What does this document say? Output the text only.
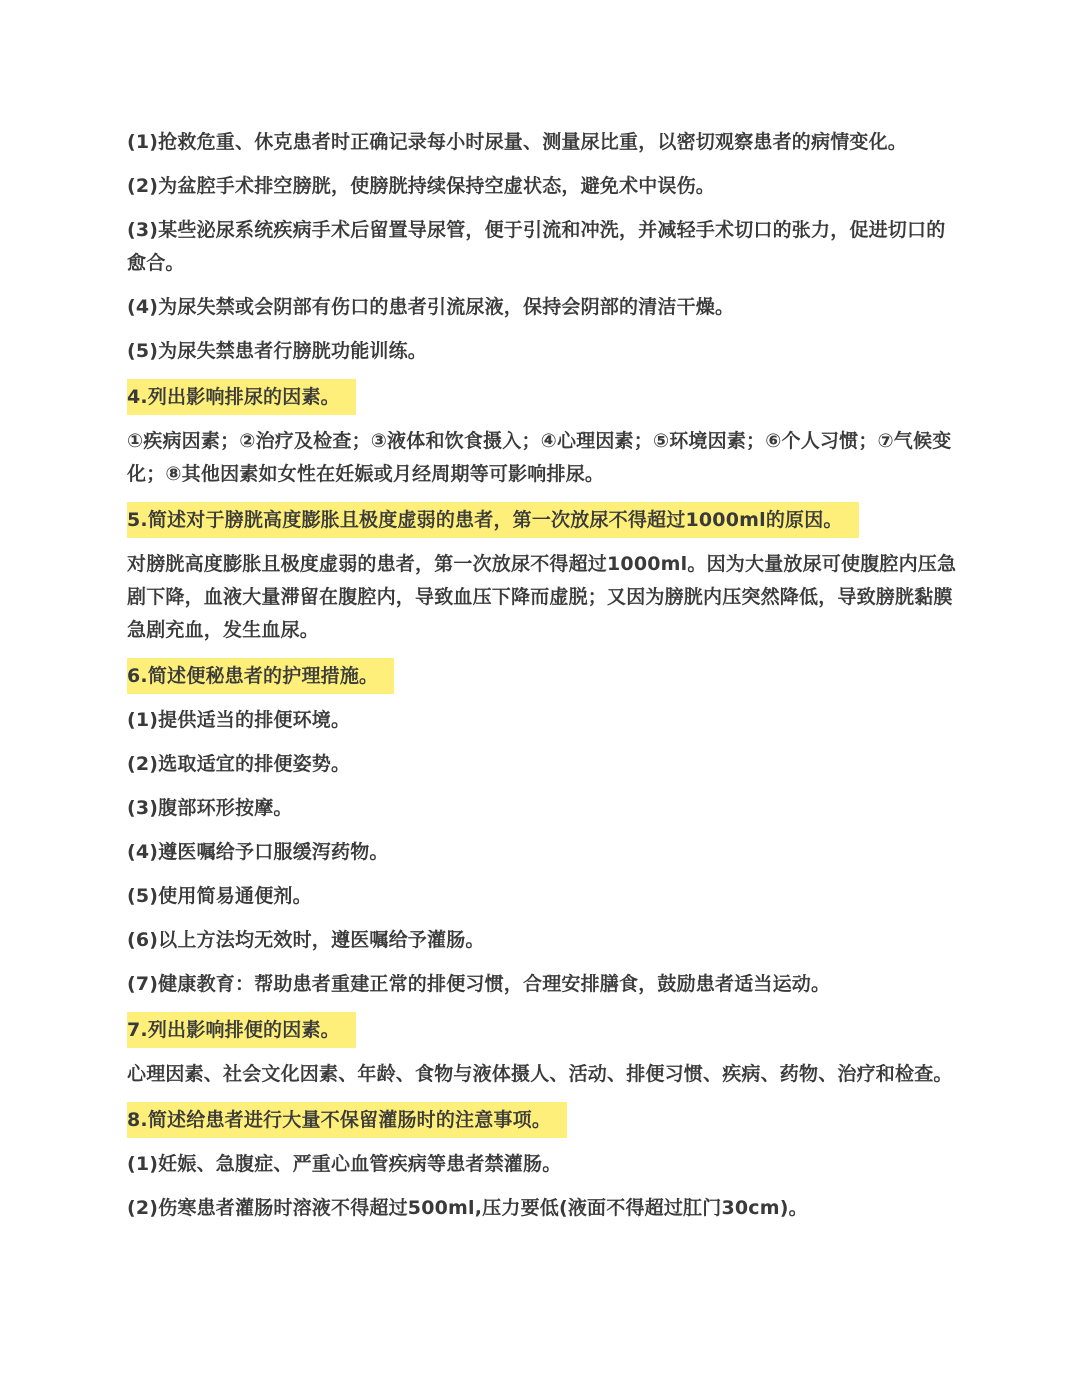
(1)抢救危重、休克患者时正确记录每小时尿量、测量尿比重，以密切观察患者的病情变化。
(2)为盆腔手术排空膀胱，使膀胱持续保持空虚状态，避免术中误伤。
(3)某些泌尿系统疾病手术后留置导尿管，便于引流和冲洗，并减轻手术切口的张力，促进切口的愈合。
(4)为尿失禁或会阴部有伤口的患者引流尿液，保持会阴部的清洁干燥。
(5)为尿失禁患者行膀胱功能训练。
4.列出影响排尿的因素。
①疾病因素；②治疗及检查；③液体和饮食摄入；④心理因素；⑤环境因素；⑥个人习惯；⑦气候变化；⑧其他因素如女性在妊娠或月经周期等可影响排尿。
5.简述对于膀胱高度膨胀且极度虚弱的患者，第一次放尿不得超过1000ml的原因。
对膀胱高度膨胀且极度虚弱的患者，第一次放尿不得超过1000ml。因为大量放尿可使腹腔内压急剧下降，血液大量滞留在腹腔内，导致血压下降而虚脱；又因为膀胱内压突然降低，导致膀胱黏膜急剧充血，发生血尿。
6.简述便秘患者的护理措施。
(1)提供适当的排便环境。
(2)选取适宜的排便姿势。
(3)腹部环形按摩。
(4)遵医嘱给予口服缓泻药物。
(5)使用简易通便剂。
(6)以上方法均无效时，遵医嘱给予灌肠。
(7)健康教育：帮助患者重建正常的排便习惯，合理安排膳食，鼓励患者适当运动。
7.列出影响排便的因素。
心理因素、社会文化因素、年龄、食物与液体摄人、活动、排便习惯、疾病、药物、治疗和检查。
8.简述给患者进行大量不保留灌肠时的注意事项。
(1)妊娠、急腹症、严重心血管疾病等患者禁灌肠。
(2)伤寒患者灌肠时溶液不得超过500ml,压力要低(液面不得超过肛门30cm)。
